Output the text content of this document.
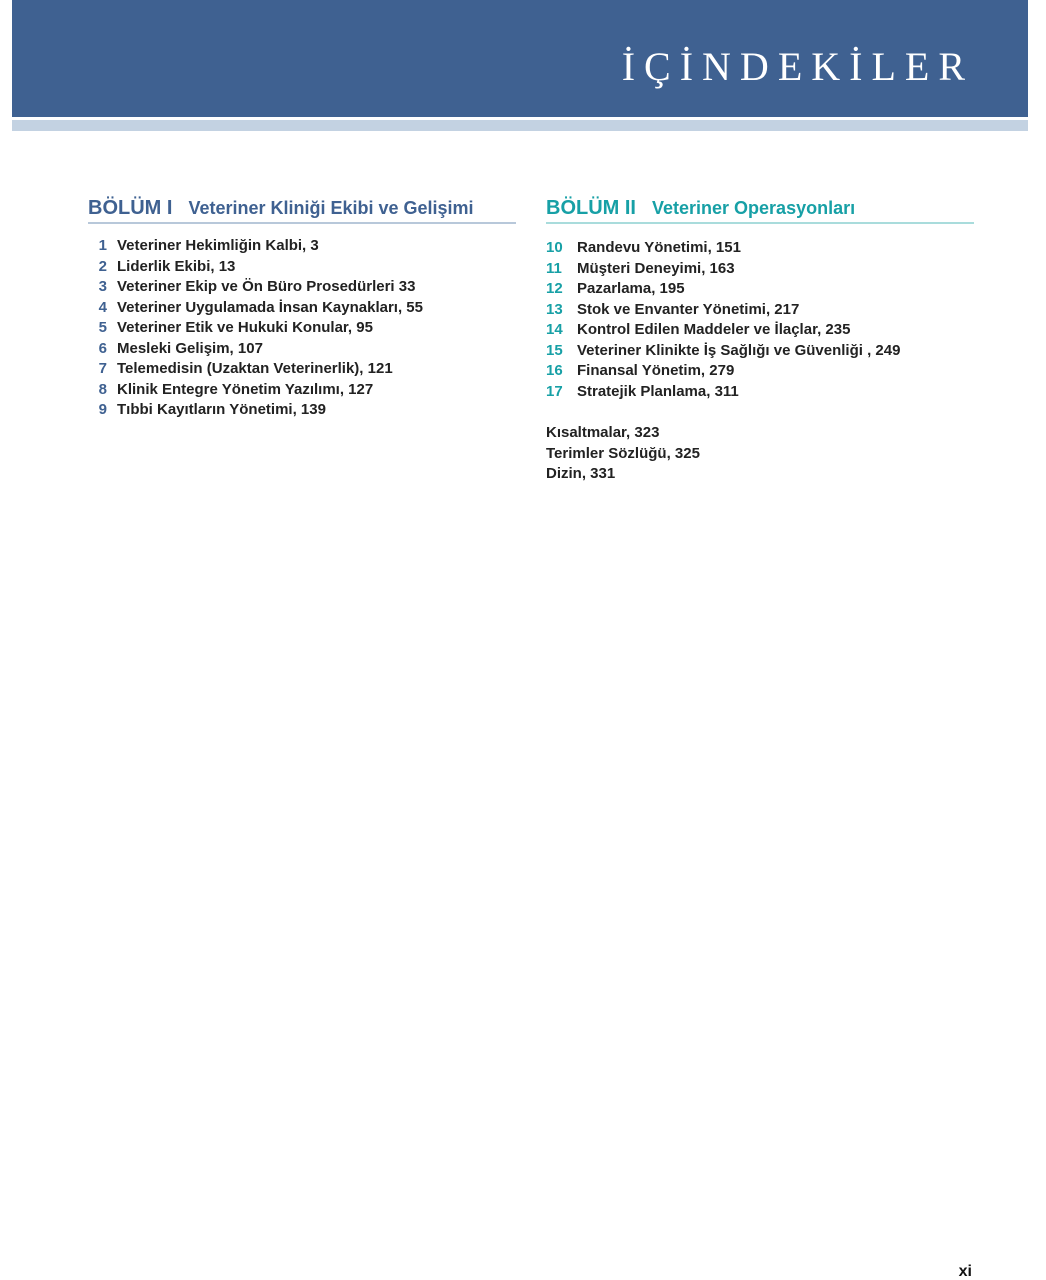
İÇİNDEKİLER
BÖLÜM I Veteriner Kliniği Ekibi ve Gelişimi
1 Veteriner Hekimliğin Kalbi, 3
2 Liderlik Ekibi, 13
3 Veteriner Ekip ve Ön Büro Prosedürleri 33
4 Veteriner Uygulamada İnsan Kaynakları, 55
5 Veteriner Etik ve Hukuki Konular, 95
6 Mesleki Gelişim, 107
7 Telemedisin (Uzaktan Veterinerlik), 121
8 Klinik Entegre Yönetim Yazılımı, 127
9 Tıbbi Kayıtların Yönetimi, 139
BÖLÜM II Veteriner Operasyonları
10 Randevu Yönetimi, 151
11 Müşteri Deneyimi, 163
12 Pazarlama, 195
13 Stok ve Envanter Yönetimi, 217
14 Kontrol Edilen Maddeler ve İlaçlar, 235
15 Veteriner Klinikte İş Sağlığı ve Güvenliği , 249
16 Finansal Yönetim, 279
17 Stratejik Planlama, 311
Kısaltmalar, 323
Terimler Sözlüğü, 325
Dizin, 331
xi
